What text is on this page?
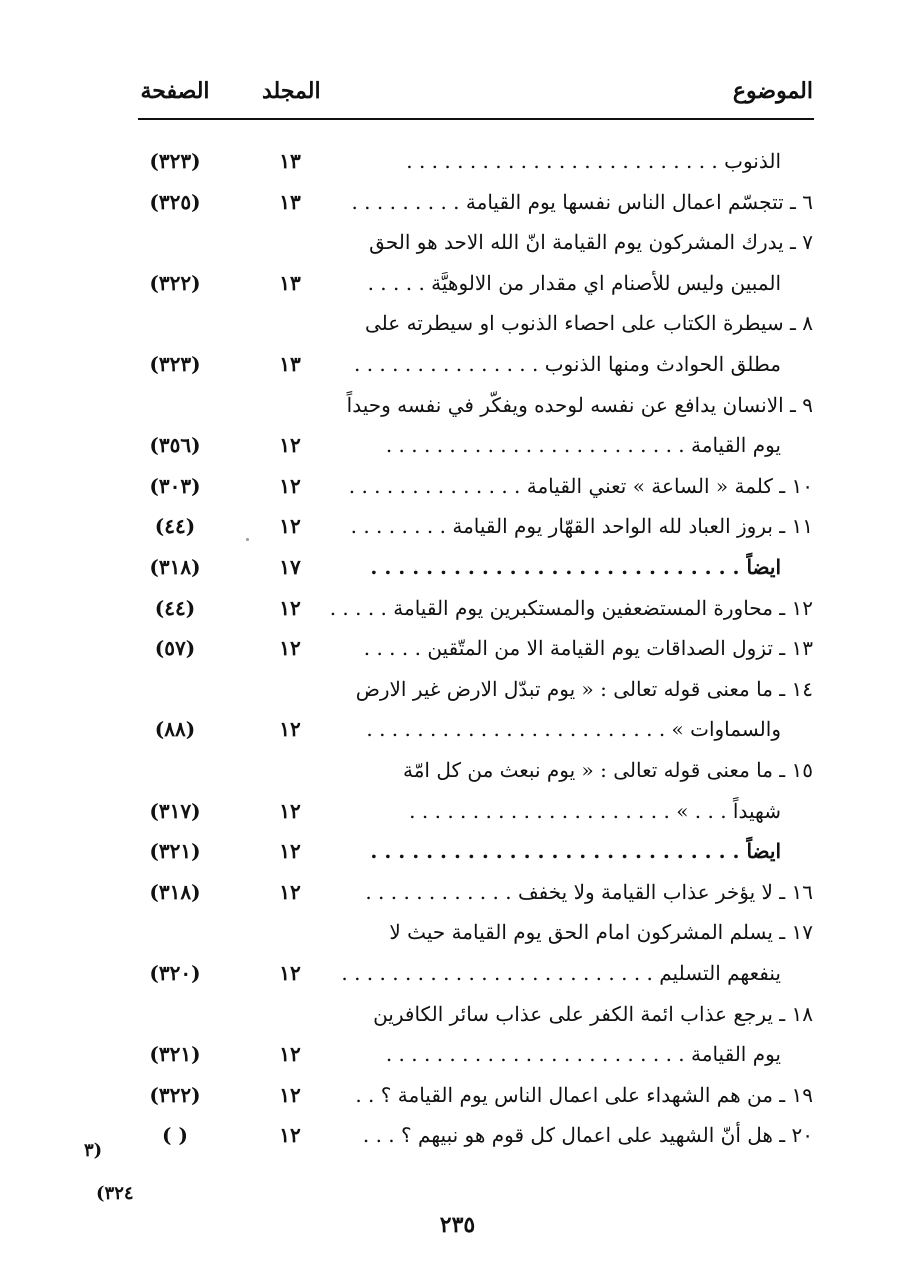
الموضوع
المجلد
الصفحة
الذنوب . . . . . . . . . . . . . . . . . . . . . . . . .
١٣
(٣٢٣)
٦ ـ تتجسّم اعمال الناس نفسها يوم القيامة . . . . . . . . .
١٣
(٣٢٥)
٧ ـ يدرك المشركون يوم القيامة انّ الله الاحد هو الحق
المبين وليس للأصنام اي مقدار من الالوهيَّة . . . . .
١٣
(٣٢٢)
٨ ـ سيطرة الكتاب على احصاء الذنوب او سيطرته على
مطلق الحوادث ومنها الذنوب . . . . . . . . . . . . . . .
١٣
(٣٢٣)
٩ ـ الانسان يدافع عن نفسه لوحده ويفكّر في نفسه وحيداً
يوم القيامة . . . . . . . . . . . . . . . . . . . . . . . .
١٢
(٣٥٦)
١٠ ـ كلمة « الساعة » تعني القيامة . . . . . . . . . . . . . .
١٢
(٣٠٣)
١١ ـ بروز العباد لله الواحد القهّار يوم القيامة . . . . . . . .
١٢
(٤٤)
ايضاً . . . . . . . . . . . . . . . . . . . . . . . . . . .
١٧
(٣١٨)
١٢ ـ محاورة المستضعفين والمستكبرين يوم القيامة . . . . .
١٢
(٤٤)
١٣ ـ تزول الصداقات يوم القيامة الا من المتّقين . . . . .
١٢
(٥٧)
١٤ ـ ما معنى قوله تعالى : « يوم تبدّل الارض غير الارض
والسماوات » . . . . . . . . . . . . . . . . . . . . . . . .
١٢
(٨٨)
١٥ ـ ما معنى قوله تعالى : « يوم نبعث من كل امّة
شهيداً . . . » . . . . . . . . . . . . . . . . . . . . .
١٢
(٣١٧)
ايضاً . . . . . . . . . . . . . . . . . . . . . . . . . . .
١٢
(٣٢١)
١٦ ـ لا يؤخر عذاب القيامة ولا يخفف . . . . . . . . . . . .
١٢
(٣١٨)
١٧ ـ يسلم المشركون امام الحق يوم القيامة حيث لا
ينفعهم التسليم . . . . . . . . . . . . . . . . . . . . . . . . .
١٢
(٣٢٠)
١٨ ـ يرجع عذاب ائمة الكفر على عذاب سائر الكافرين
يوم القيامة . . . . . . . . . . . . . . . . . . . . . . . .
١٢
(٣٢١)
١٩ ـ من هم الشهداء على اعمال الناس يوم القيامة ؟ . .
١٢
(٣٢٢)
٢٠ ـ هل أنّ الشهيد على اعمال كل قوم هو نبيهم ؟ . . .
١٢
( )
٣)
(٣٢٤
٢٣٥
